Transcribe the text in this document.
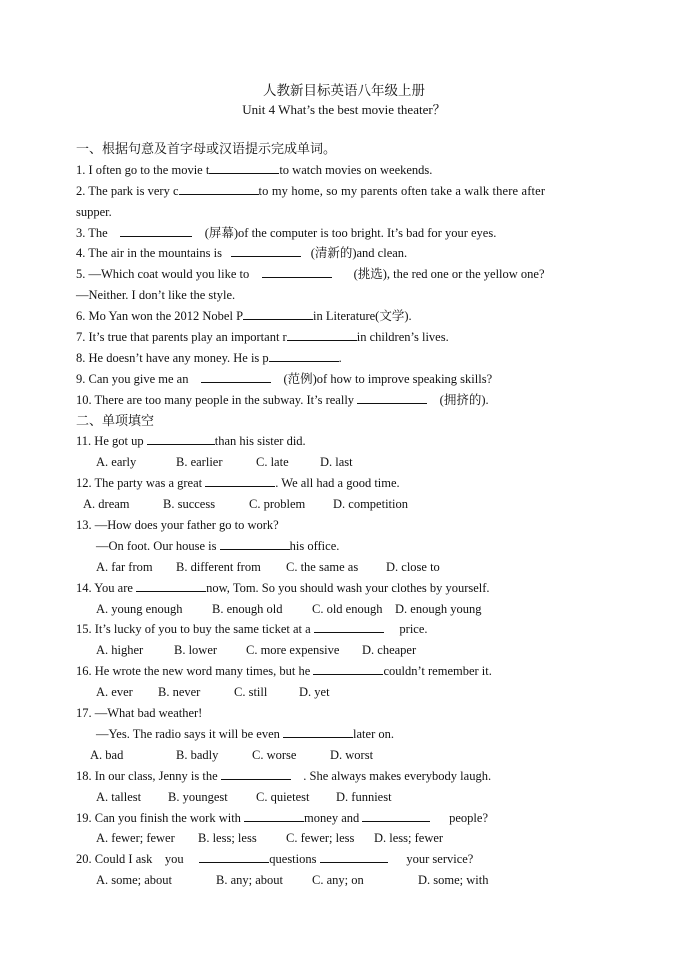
人教新目标英语八年级上册
Unit 4 What’s the best movie theater？
一、根据句意及首字母或汉语提示完成单词。
1. I often go to the movie t	to watch movies on weekends.
2. The park is very c	to my home, so my parents often take a walk there after
supper.
3. The	(屏幕)of the computer is too bright. It’s bad for your eyes.
4. The air in the mountains is	(清新的)and clean.
5. —Which coat would you like to	(挑选), the red one or the yellow one?
—Neither. I don’t like the style.
6. Mo Yan won the 2012 Nobel P	in Literature(文学).
7. It’s true that parents play an important r	in children’s lives.
8. He doesn’t have any money. He is p	.
9. Can you give me an	(范例)of how to improve speaking skills?
10. There are too many people in the subway. It’s really	(拥挤的).
二、单项填空
11. He got up	than his sister did.
A. early	B. earlier	C. late	D. last
12. The party was a great	. We all had a good time.
A. dream	B. success	C. problem D. competition
13. —How does your father go to work?
—On foot. Our house is	his office.
A. far from B. different from C. the same as D. close to
14. You are	now, Tom. So you should wash your clothes by yourself.
A. young enough B. enough old C. old enough D. enough young
15. It’s lucky of you to buy the same ticket at a	price.
A. higher B. lower C. more expensive D. cheaper
16. He wrote the new word many times, but he	couldn’t remember it.
A. ever B. never	C. still	D. yet
17. —What bad weather!
—Yes. The radio says it will be even	later on.
A. bad	B. badly	C. worse	D. worst
18. In our class, Jenny is the	. She always makes everybody laugh.
A. tallest B. youngest C. quietest D. funniest
19. Can you finish the work with	money and	people?
A. fewer; fewer B. less; less C. fewer; less D. less; fewer
20. Could I ask    you	questions	your service?
A. some; about	B. any; about C. any; on	D. some; with
